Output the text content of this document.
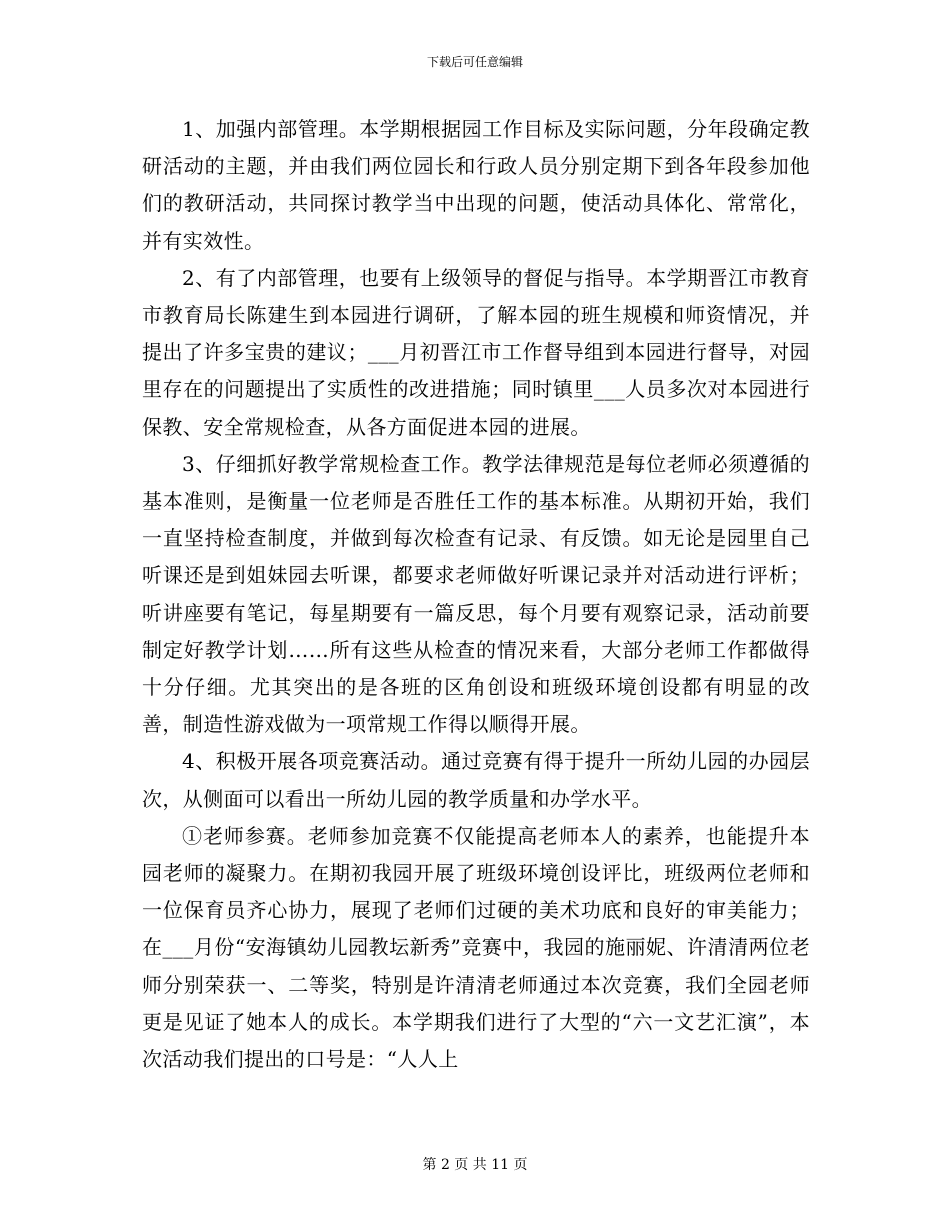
下载后可任意编辑

1、加强内部管理。本学期根据园工作目标及实际问题，分年段确定教研活动的主题，并由我们两位园长和行政人员分别定期下到各年段参加他们的教研活动，共同探讨教学当中出现的问题，使活动具体化、常常化，并有实效性。

2、有了内部管理，也要有上级领导的督促与指导。本学期晋江市教育市教育局长陈建生到本园进行调研，了解本园的班生规模和师资情况，并提出了许多宝贵的建议；___月初晋江市工作督导组到本园进行督导，对园里存在的问题提出了实质性的改进措施；同时镇里___人员多次对本园进行保教、安全常规检查，从各方面促进本园的进展。

3、仔细抓好教学常规检查工作。教学法律规范是每位老师必须遵循的基本准则，是衡量一位老师是否胜任工作的基本标准。从期初开始，我们一直坚持检查制度，并做到每次检查有记录、有反馈。如无论是园里自己听课还是到姐妹园去听课，都要求老师做好听课记录并对活动进行评析；听讲座要有笔记，每星期要有一篇反思，每个月要有观察记录，活动前要制定好教学计划……所有这些从检查的情况来看，大部分老师工作都做得十分仔细。尤其突出的是各班的区角创设和班级环境创设都有明显的改善，制造性游戏做为一项常规工作得以顺得开展。

4、积极开展各项竞赛活动。通过竞赛有得于提升一所幼儿园的办园层次，从侧面可以看出一所幼儿园的教学质量和办学水平。

①老师参赛。老师参加竞赛不仅能提高老师本人的素养，也能提升本园老师的凝聚力。在期初我园开展了班级环境创设评比，班级两位老师和一位保育员齐心协力，展现了老师们过硬的美术功底和良好的审美能力；在___月份“安海镇幼儿园教坛新秀”竞赛中，我园的施丽妮、许清清两位老师分别荣获一、二等奖，特别是许清清老师通过本次竞赛，我们全园老师更是见证了她本人的成长。本学期我们进行了大型的“六一文艺汇演”，本次活动我们提出的口号是：“人人上

第 2 页 共 11 页
